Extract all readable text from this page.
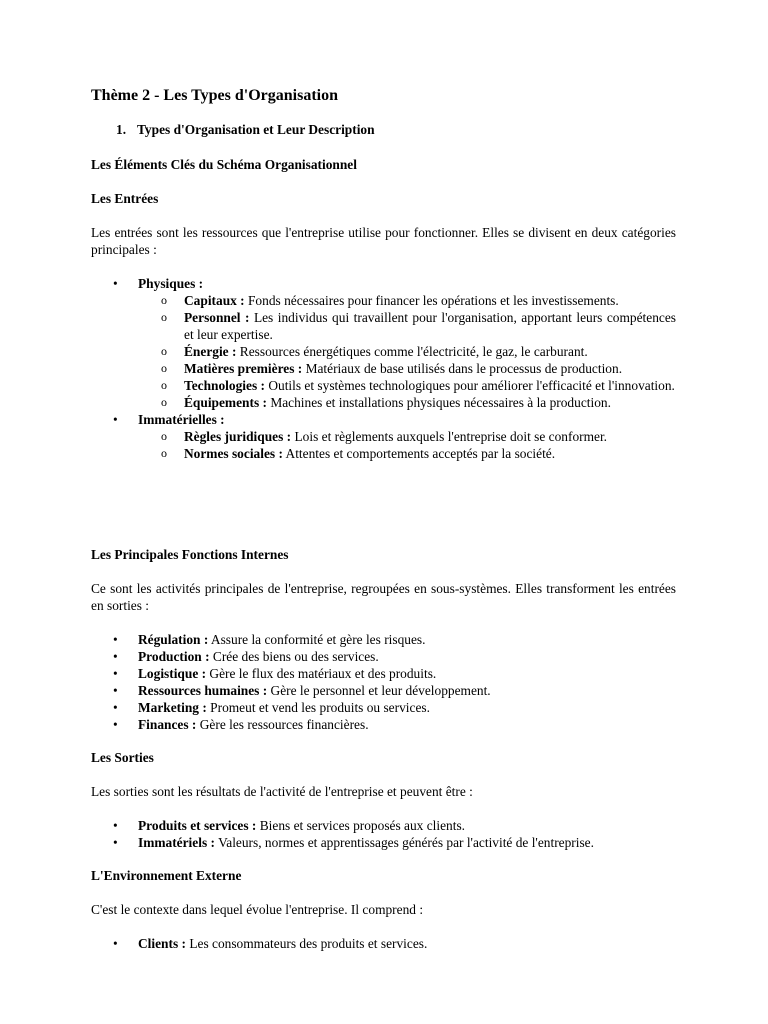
Thème 2 - Les Types d'Organisation
1. Types d'Organisation et Leur Description
Les Éléments Clés du Schéma Organisationnel
Les Entrées

Les entrées sont les ressources que l'entreprise utilise pour fonctionner. Elles se divisent en deux catégories principales :

• Physiques :
o Capitaux : Fonds nécessaires pour financer les opérations et les investissements.
o Personnel : Les individus qui travaillent pour l'organisation, apportant leurs compétences et leur expertise.
o Énergie : Ressources énergétiques comme l'électricité, le gaz, le carburant.
o Matières premières : Matériaux de base utilisés dans le processus de production.
o Technologies : Outils et systèmes technologiques pour améliorer l'efficacité et l'innovation.
o Équipements : Machines et installations physiques nécessaires à la production.
• Immatérielles :
o Règles juridiques : Lois et règlements auxquels l'entreprise doit se conformer.
o Normes sociales : Attentes et comportements acceptés par la société.
Les Principales Fonctions Internes

Ce sont les activités principales de l'entreprise, regroupées en sous-systèmes. Elles transforment les entrées en sorties :

• Régulation : Assure la conformité et gère les risques.
• Production : Crée des biens ou des services.
• Logistique : Gère le flux des matériaux et des produits.
• Ressources humaines : Gère le personnel et leur développement.
• Marketing : Promeut et vend les produits ou services.
• Finances : Gère les ressources financières.
Les Sorties

Les sorties sont les résultats de l'activité de l'entreprise et peuvent être :

• Produits et services : Biens et services proposés aux clients.
• Immatériels : Valeurs, normes et apprentissages générés par l'activité de l'entreprise.
L'Environnement Externe

C'est le contexte dans lequel évolue l'entreprise. Il comprend :

• Clients : Les consommateurs des produits et services.
